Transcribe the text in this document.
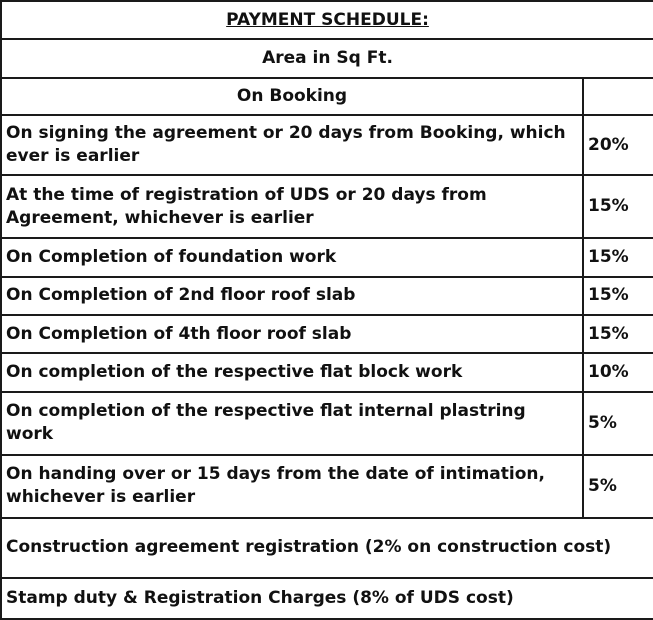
PAYMENT SCHEDULE:	
Area in Sq Ft.	
On Booking	
On signing the agreement or 20 days from Booking, which ever is earlier	20%
At the time of registration of UDS or 20 days from Agreement, whichever is earlier	15%
On Completion of foundation work	15%
On Completion of 2nd floor roof slab	15%
On Completion of 4th floor roof slab	15%
On completion of the respective flat block work	10%
On completion of the respective flat internal plastring work	5%
On handing over or 15 days from the date of intimation, whichever is earlier	5%
Construction agreement registration (2% on construction cost)	
Stamp duty & Registration Charges (8% of UDS cost)	
